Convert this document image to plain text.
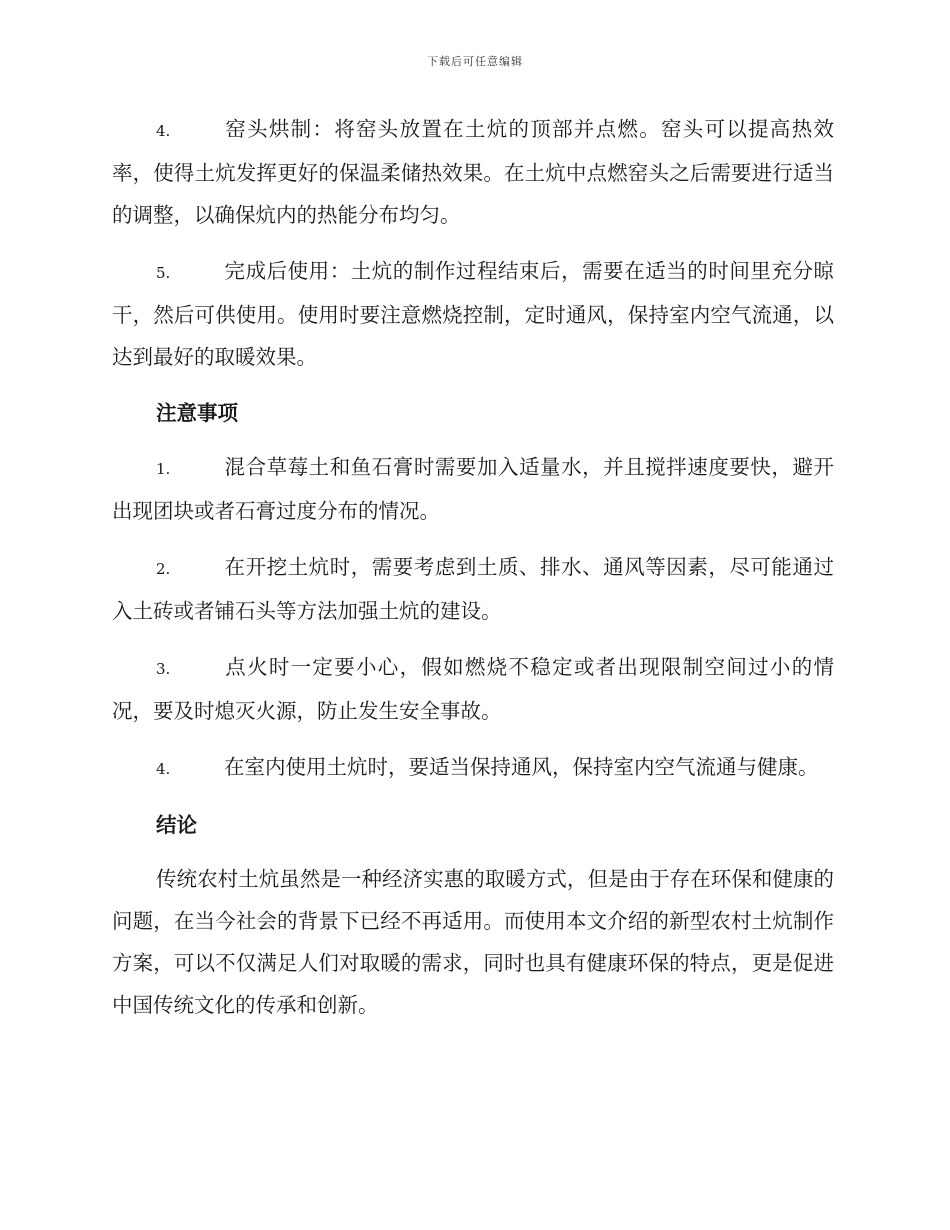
下载后可任意编辑

4.	窑头烘制：将窑头放置在土炕的顶部并点燃。窑头可以提高热效率，使得土炕发挥更好的保温柔储热效果。在土炕中点燃窑头之后需要进行适当的调整，以确保炕内的热能分布均匀。

5.	完成后使用：土炕的制作过程结束后，需要在适当的时间里充分晾干，然后可供使用。使用时要注意燃烧控制，定时通风，保持室内空气流通，以达到最好的取暖效果。

注意事项

1.	混合草莓土和鱼石膏时需要加入适量水，并且搅拌速度要快，避开出现团块或者石膏过度分布的情况。

2.	在开挖土炕时，需要考虑到土质、排水、通风等因素，尽可能通过入土砖或者铺石头等方法加强土炕的建设。

3.	点火时一定要小心，假如燃烧不稳定或者出现限制空间过小的情况，要及时熄灭火源，防止发生安全事故。

4.	在室内使用土炕时，要适当保持通风，保持室内空气流通与健康。

结论

传统农村土炕虽然是一种经济实惠的取暖方式，但是由于存在环保和健康的问题，在当今社会的背景下已经不再适用。而使用本文介绍的新型农村土炕制作方案，可以不仅满足人们对取暖的需求，同时也具有健康环保的特点，更是促进中国传统文化的传承和创新。
